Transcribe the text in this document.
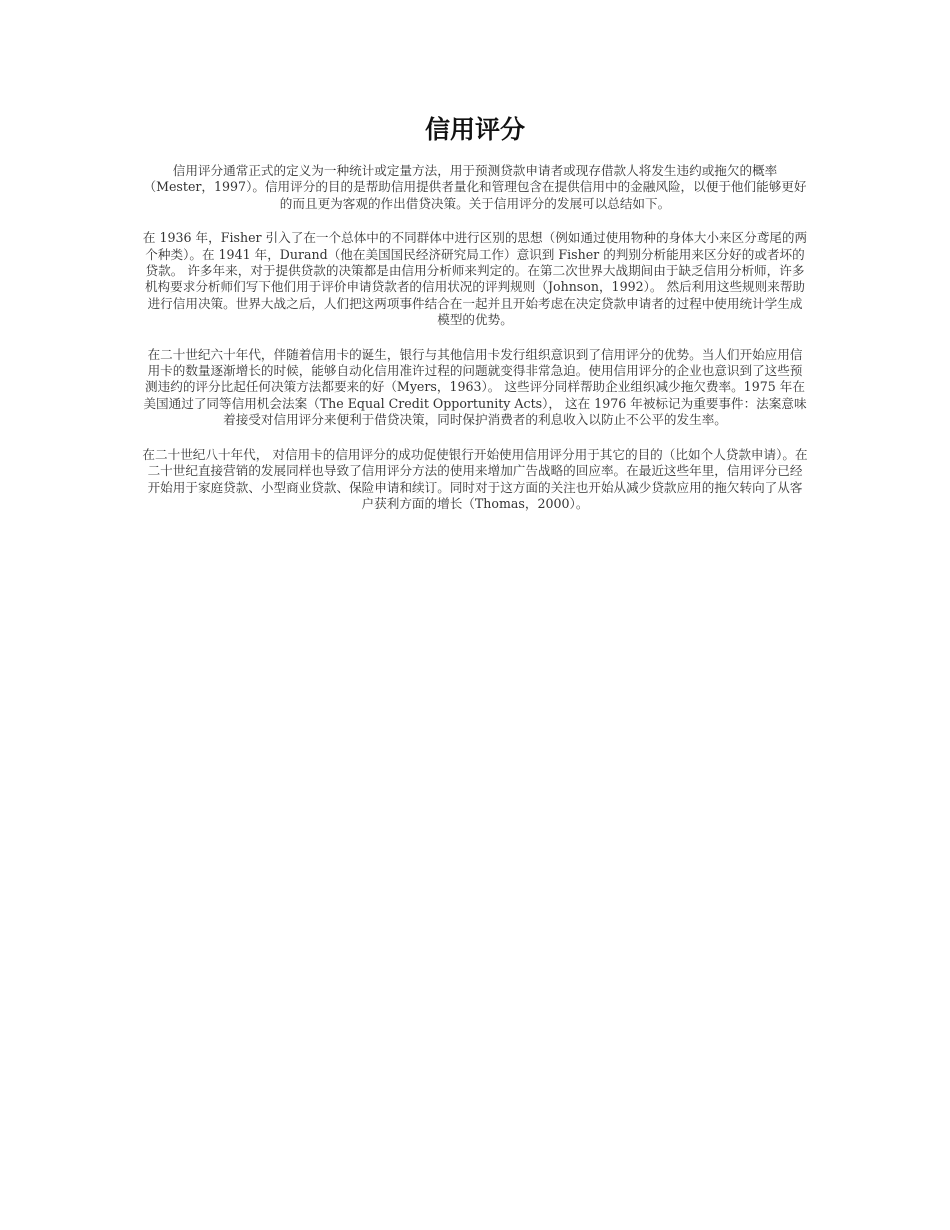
信用评分

信用评分通常正式的定义为一种统计或定量方法，用于预测贷款申请者或现存借款人将发生违约或拖欠的概率（Mester，1997）。信用评分的目的是帮助信用提供者量化和管理包含在提供信用中的金融风险，以便于他们能够更好的而且更为客观的作出借贷决策。关于信用评分的发展可以总结如下。

在 1936 年，Fisher 引入了在一个总体中的不同群体中进行区别的思想（例如通过使用物种的身体大小来区分鸢尾的两个种类）。在 1941 年，Durand（他在美国国民经济研究局工作）意识到 Fisher 的判别分析能用来区分好的或者坏的贷款。 许多年来，对于提供贷款的决策都是由信用分析师来判定的。在第二次世界大战期间由于缺乏信用分析师，许多机构要求分析师们写下他们用于评价申请贷款者的信用状况的评判规则（Johnson，1992）。 然后利用这些规则来帮助进行信用决策。世界大战之后，人们把这两项事件结合在一起并且开始考虑在决定贷款申请者的过程中使用统计学生成模型的优势。

在二十世纪六十年代，伴随着信用卡的诞生，银行与其他信用卡发行组织意识到了信用评分的优势。当人们开始应用信用卡的数量逐渐增长的时候，能够自动化信用准许过程的问题就变得非常急迫。使用信用评分的企业也意识到了这些预测违约的评分比起任何决策方法都要来的好（Myers，1963）。 这些评分同样帮助企业组织减少拖欠费率。1975 年在美国通过了同等信用机会法案（The Equal Credit Opportunity Acts）， 这在 1976 年被标记为重要事件：法案意味着接受对信用评分来便利于借贷决策，同时保护消费者的利息收入以防止不公平的发生率。

在二十世纪八十年代， 对信用卡的信用评分的成功促使银行开始使用信用评分用于其它的目的（比如个人贷款申请）。在二十世纪直接营销的发展同样也导致了信用评分方法的使用来增加广告战略的回应率。在最近这些年里，信用评分已经开始用于家庭贷款、小型商业贷款、保险申请和续订。同时对于这方面的关注也开始从减少贷款应用的拖欠转向了从客户获利方面的增长（Thomas，2000）。
